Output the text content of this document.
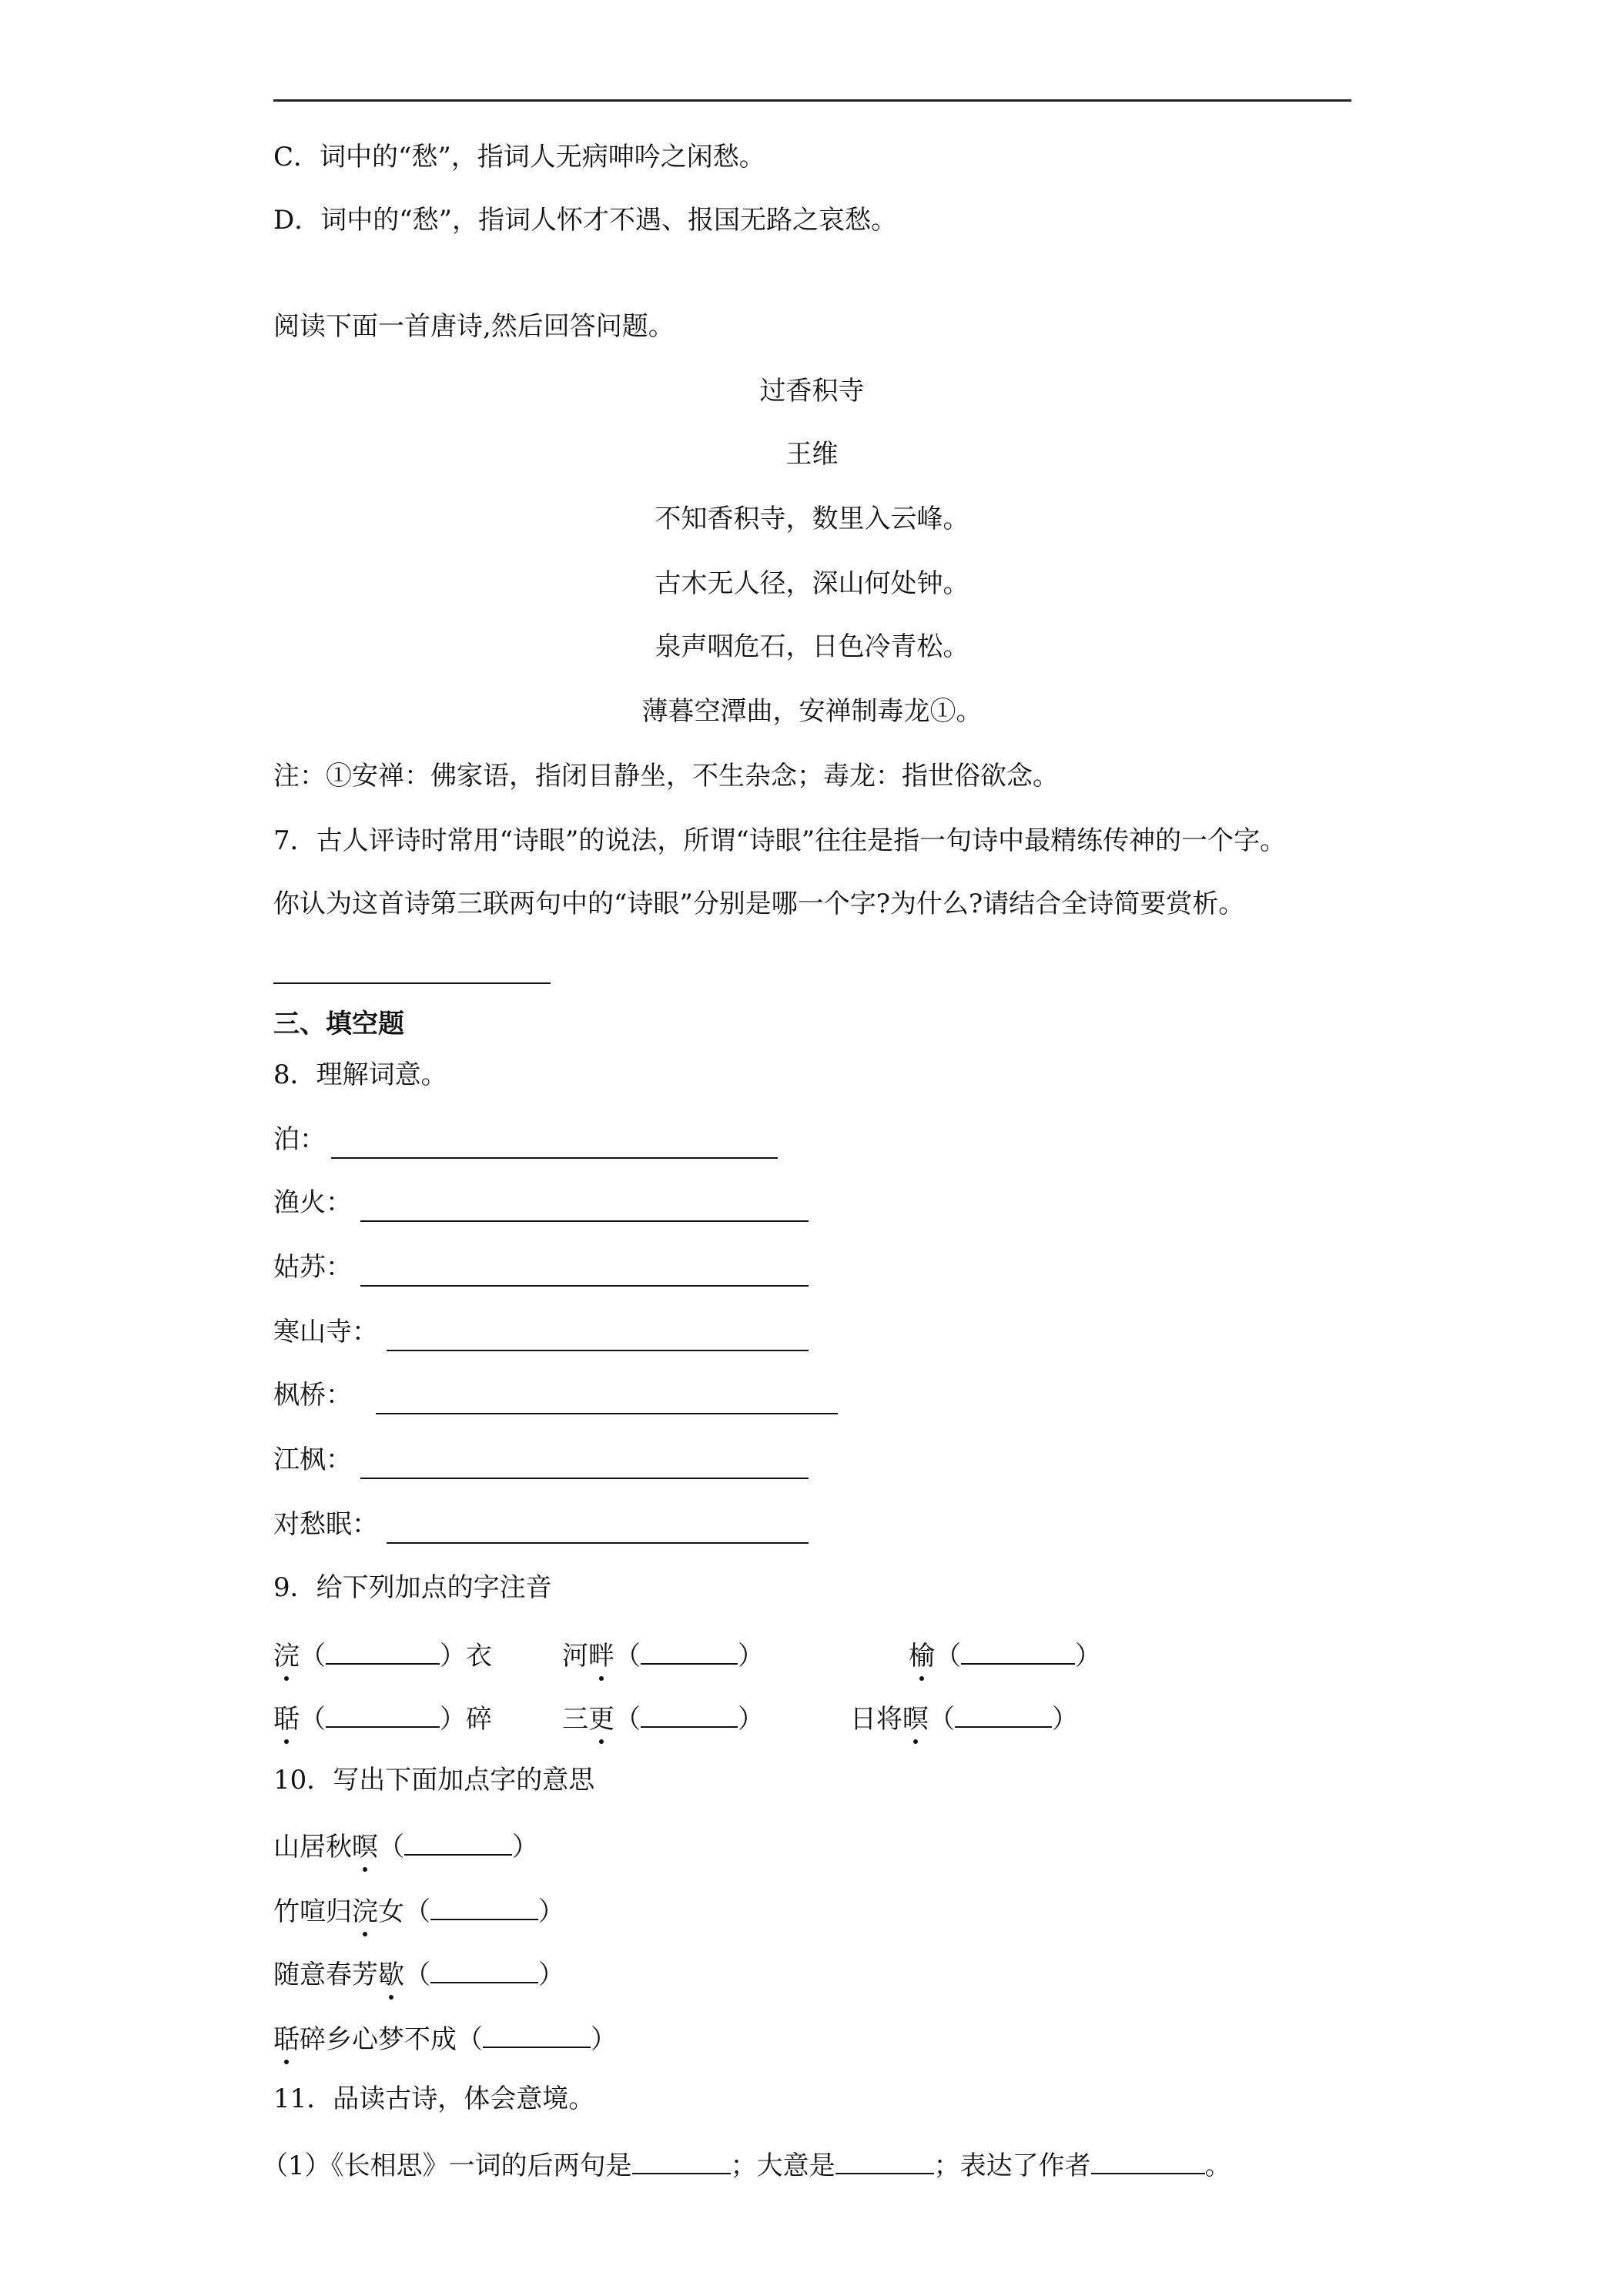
C．词中的“愁”，指词人无病呻吟之闲愁。
D．词中的“愁”，指词人怀才不遇、报国无路之哀愁。
阅读下面一首唐诗,然后回答问题。
过香积寺
王维
不知香积寺，数里入云峰。
古木无人径，深山何处钟。
泉声咽危石，日色冷青松。
薄暮空潭曲，安禅制毒龙①。
注：①安禅：佛家语，指闭目静坐，不生杂念；毒龙：指世俗欲念。
7．古人评诗时常用“诗眼”的说法，所谓“诗眼”往往是指一句诗中最精练传神的一个字。
你认为这首诗第三联两句中的“诗眼”分别是哪一个字?为什么?请结合全诗简要赏析。
三、填空题
8．理解词意。
泊：
渔火：
姑苏：
寒山寺：
枫桥：
江枫：
对愁眠：
9．给下列加点的字注音
浣（	）衣	河畔（	）	榆（	）
聒（	）碎	三更（	）	日将暝（	）
10．写出下面加点字的意思
山居秋暝（	）
竹喧归浣女（	）
随意春芳歇（	）
聒碎乡心梦不成（	）
11．品读古诗，体会意境。
（1）《长相思》一词的后两句是	；大意是	；表达了作者	。
